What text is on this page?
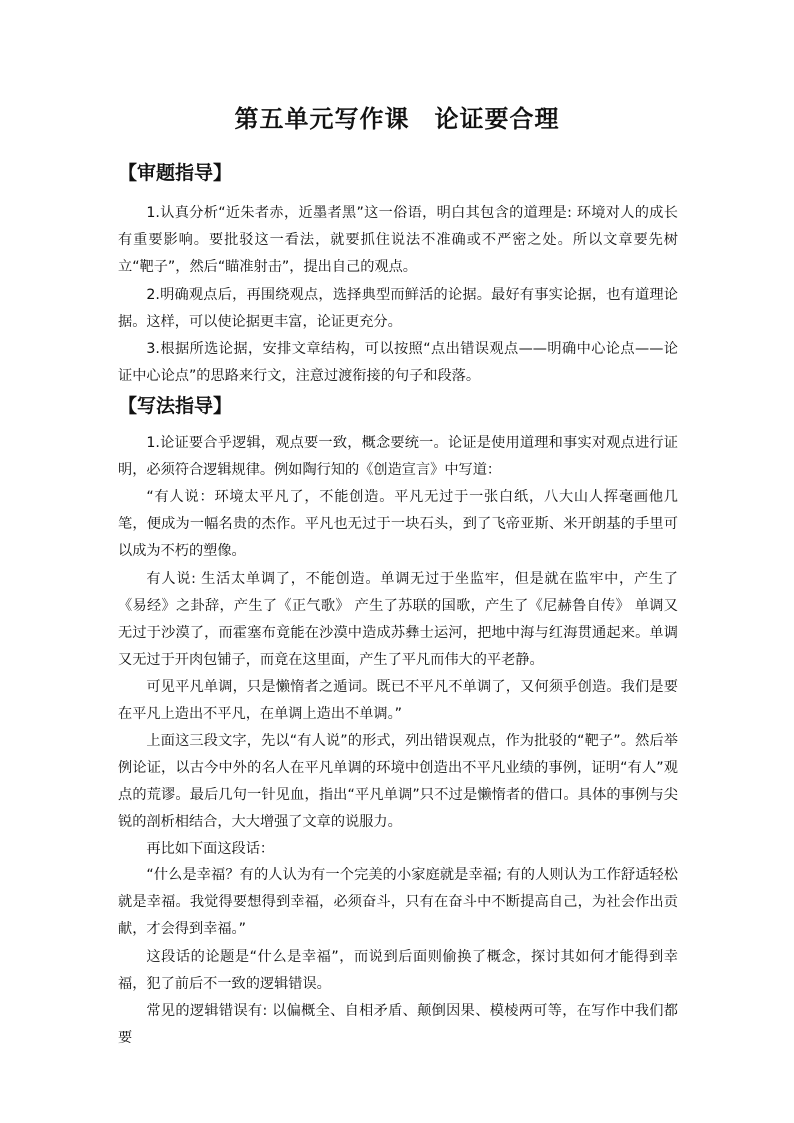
第五单元写作课　论证要合理
【审题指导】

1.认真分析“近朱者赤，近墨者黑”这一俗语，明白其包含的道理是: 环境对人的成长有重要影响。要批驳这一看法，就要抓住说法不准确或不严密之处。所以文章要先树立“靶子”，然后“瞄准射击”，提出自己的观点。

2.明确观点后，再围绕观点，选择典型而鲜活的论据。最好有事实论据，也有道理论据。这样，可以使论据更丰富，论证更充分。

3.根据所选论据，安排文章结构，可以按照“点出错误观点——明确中心论点——论证中心论点”的思路来行文，注意过渡衔接的句子和段落。

【写法指导】

1.论证要合乎逻辑，观点要一致，概念要统一。论证是使用道理和事实对观点进行证明，必须符合逻辑规律。例如陶行知的《创造宣言》中写道：

“有人说：环境太平凡了，不能创造。平凡无过于一张白纸，八大山人挥毫画他几笔，便成为一幅名贵的杰作。平凡也无过于一块石头，到了飞帝亚斯、米开朗基的手里可以成为不朽的塑像。

有人说: 生活太单调了，不能创造。单调无过于坐监牢，但是就在监牢中，产生了《易经》之卦辞，产生了《正气歌》 产生了苏联的国歌，产生了《尼赫鲁自传》 单调又无过于沙漠了，而霍塞布竟能在沙漠中造成苏彝士运河，把地中海与红海贯通起来。单调又无过于开肉包铺子，而竟在这里面，产生了平凡而伟大的平老静。

可见平凡单调，只是懒惰者之遁词。既已不平凡不单调了，又何须乎创造。我们是要在平凡上造出不平凡，在单调上造出不单调。”

上面这三段文字，先以“有人说”的形式，列出错误观点，作为批驳的“靶子”。然后举例论证，以古今中外的名人在平凡单调的环境中创造出不平凡业绩的事例，证明“有人”观点的荒谬。最后几句一针见血，指出“平凡单调”只不过是懒惰者的借口。具体的事例与尖锐的剖析相结合，大大增强了文章的说服力。

再比如下面这段话：

“什么是幸福？有的人认为有一个完美的小家庭就是幸福; 有的人则认为工作舒适轻松就是幸福。我觉得要想得到幸福，必须奋斗，只有在奋斗中不断提高自己，为社会作出贡献，才会得到幸福。”

这段话的论题是“什么是幸福”，而说到后面则偷换了概念，探讨其如何才能得到幸福，犯了前后不一致的逻辑错误。

常见的逻辑错误有: 以偏概全、自相矛盾、颠倒因果、模棱两可等，在写作中我们都要
